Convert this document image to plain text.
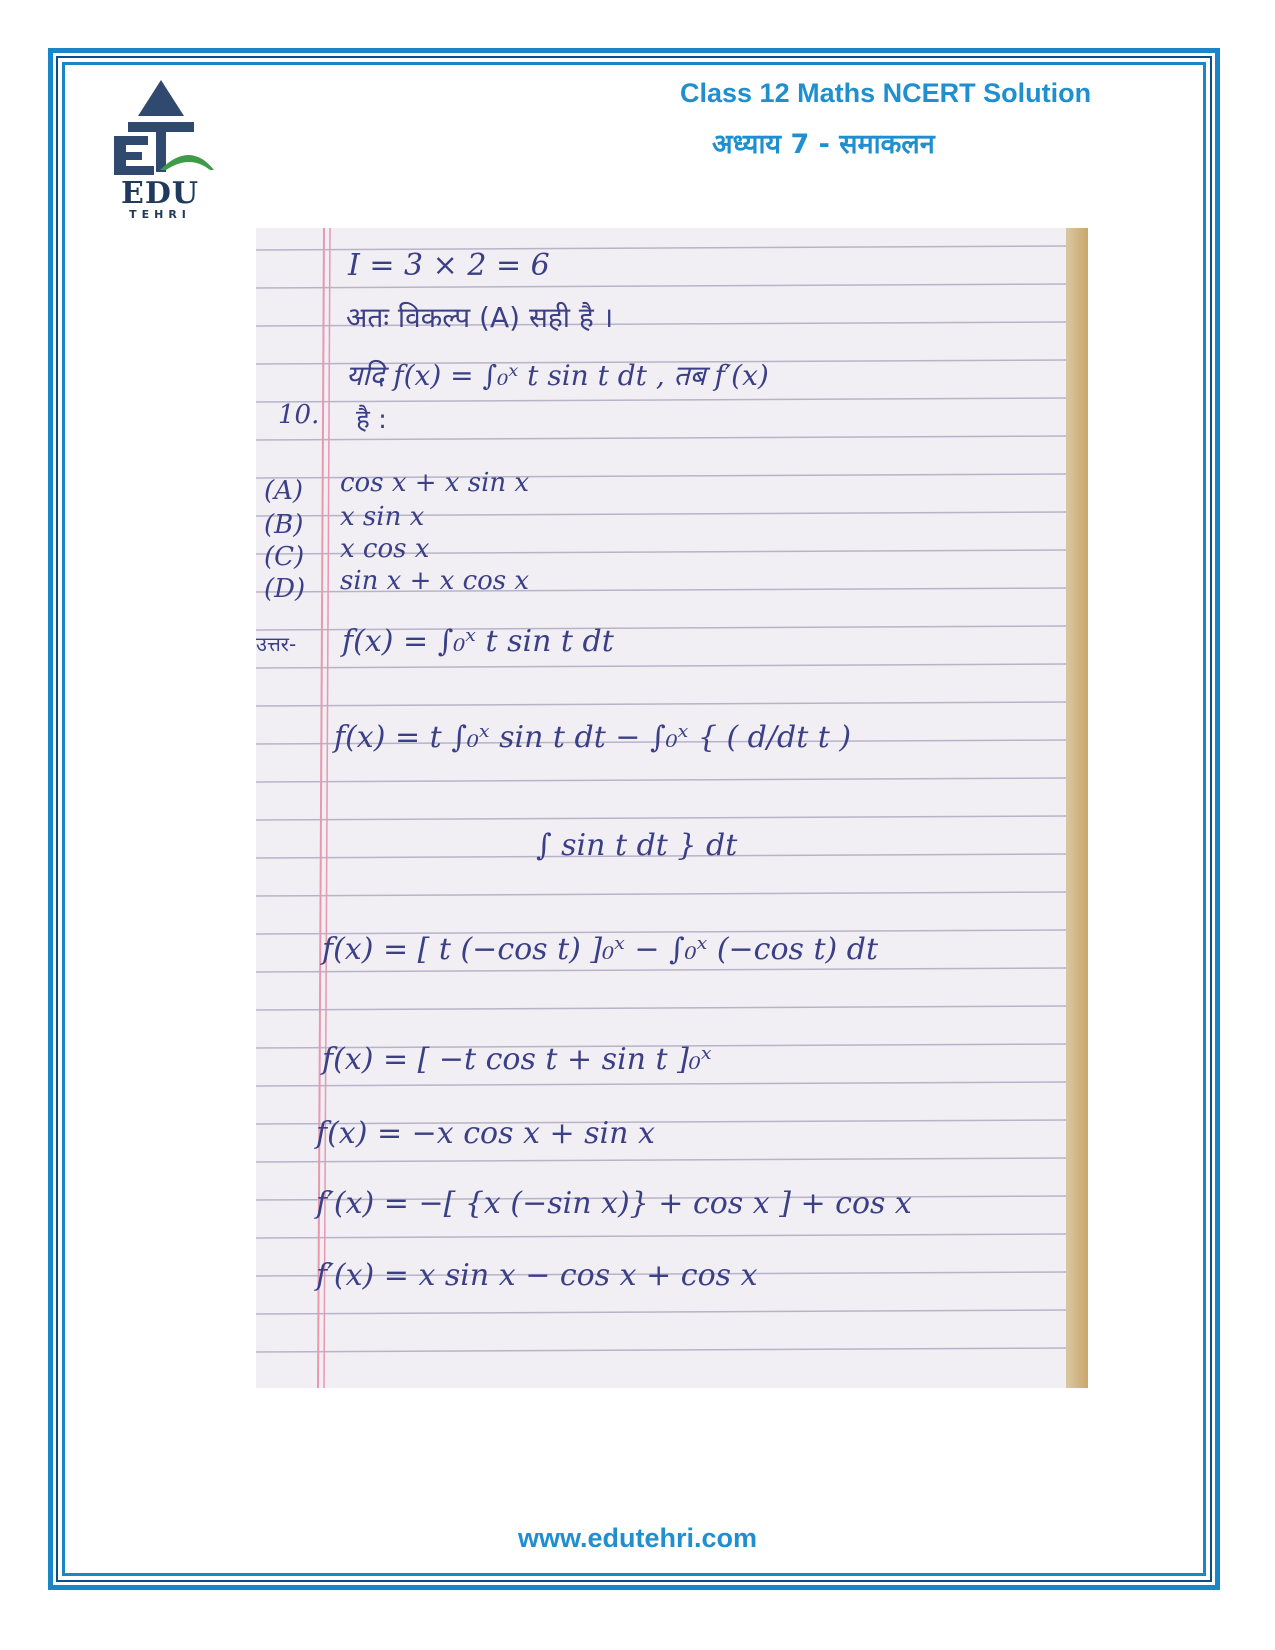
EDU
TEHRI
Class 12 Maths NCERT Solution
अध्याय 7 - समाकलन
I = 3 × 2 = 6
अतः विकल्प (A) सही है ।
10.
यदि f(x) = ∫₀ˣ t sin t dt , तब f′(x)
है :
(A) cos x + x sin x
(B) x sin x
(C) x cos x
(D) sin x + x cos x
उत्तर- f(x) = ∫₀ˣ t sin t dt
f(x) = t ∫₀ˣ sin t dt − ∫₀ˣ { ( d/dt t )
∫ sin t dt } dt
f(x) = [ t (−cos t) ]₀ˣ − ∫₀ˣ (−cos t) dt
f(x) = [ −t cos t + sin t ]₀ˣ
f(x) = −x cos x + sin x
f′(x) = −[ {x (−sin x)} + cos x ] + cos x
f′(x) = x sin x − cos x + cos x
www.edutehri.com
